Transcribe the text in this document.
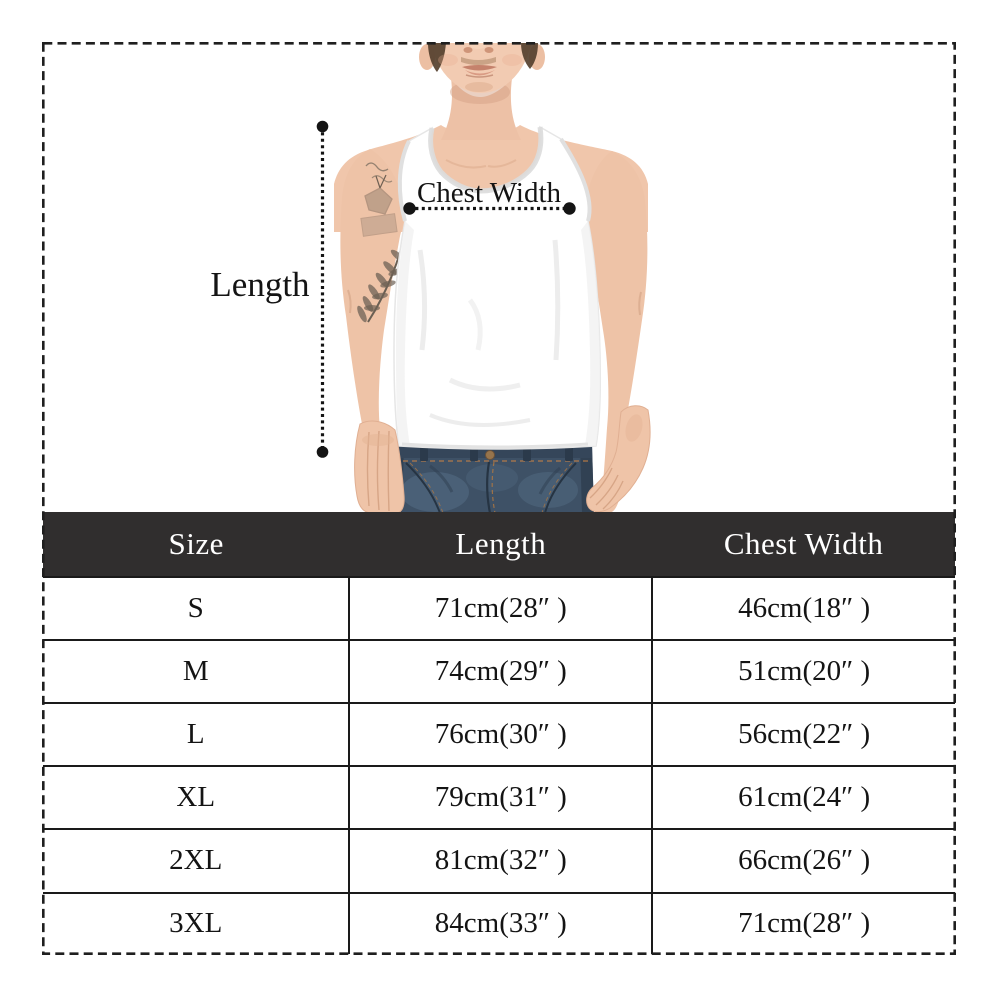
Length
Chest Width
Size	Length	Chest Width
S	71cm(28″ )	46cm(18″ )
M	74cm(29″ )	51cm(20″ )
L	76cm(30″ )	56cm(22″ )
XL	79cm(31″ )	61cm(24″ )
2XL	81cm(32″ )	66cm(26″ )
3XL	84cm(33″ )	71cm(28″ )
